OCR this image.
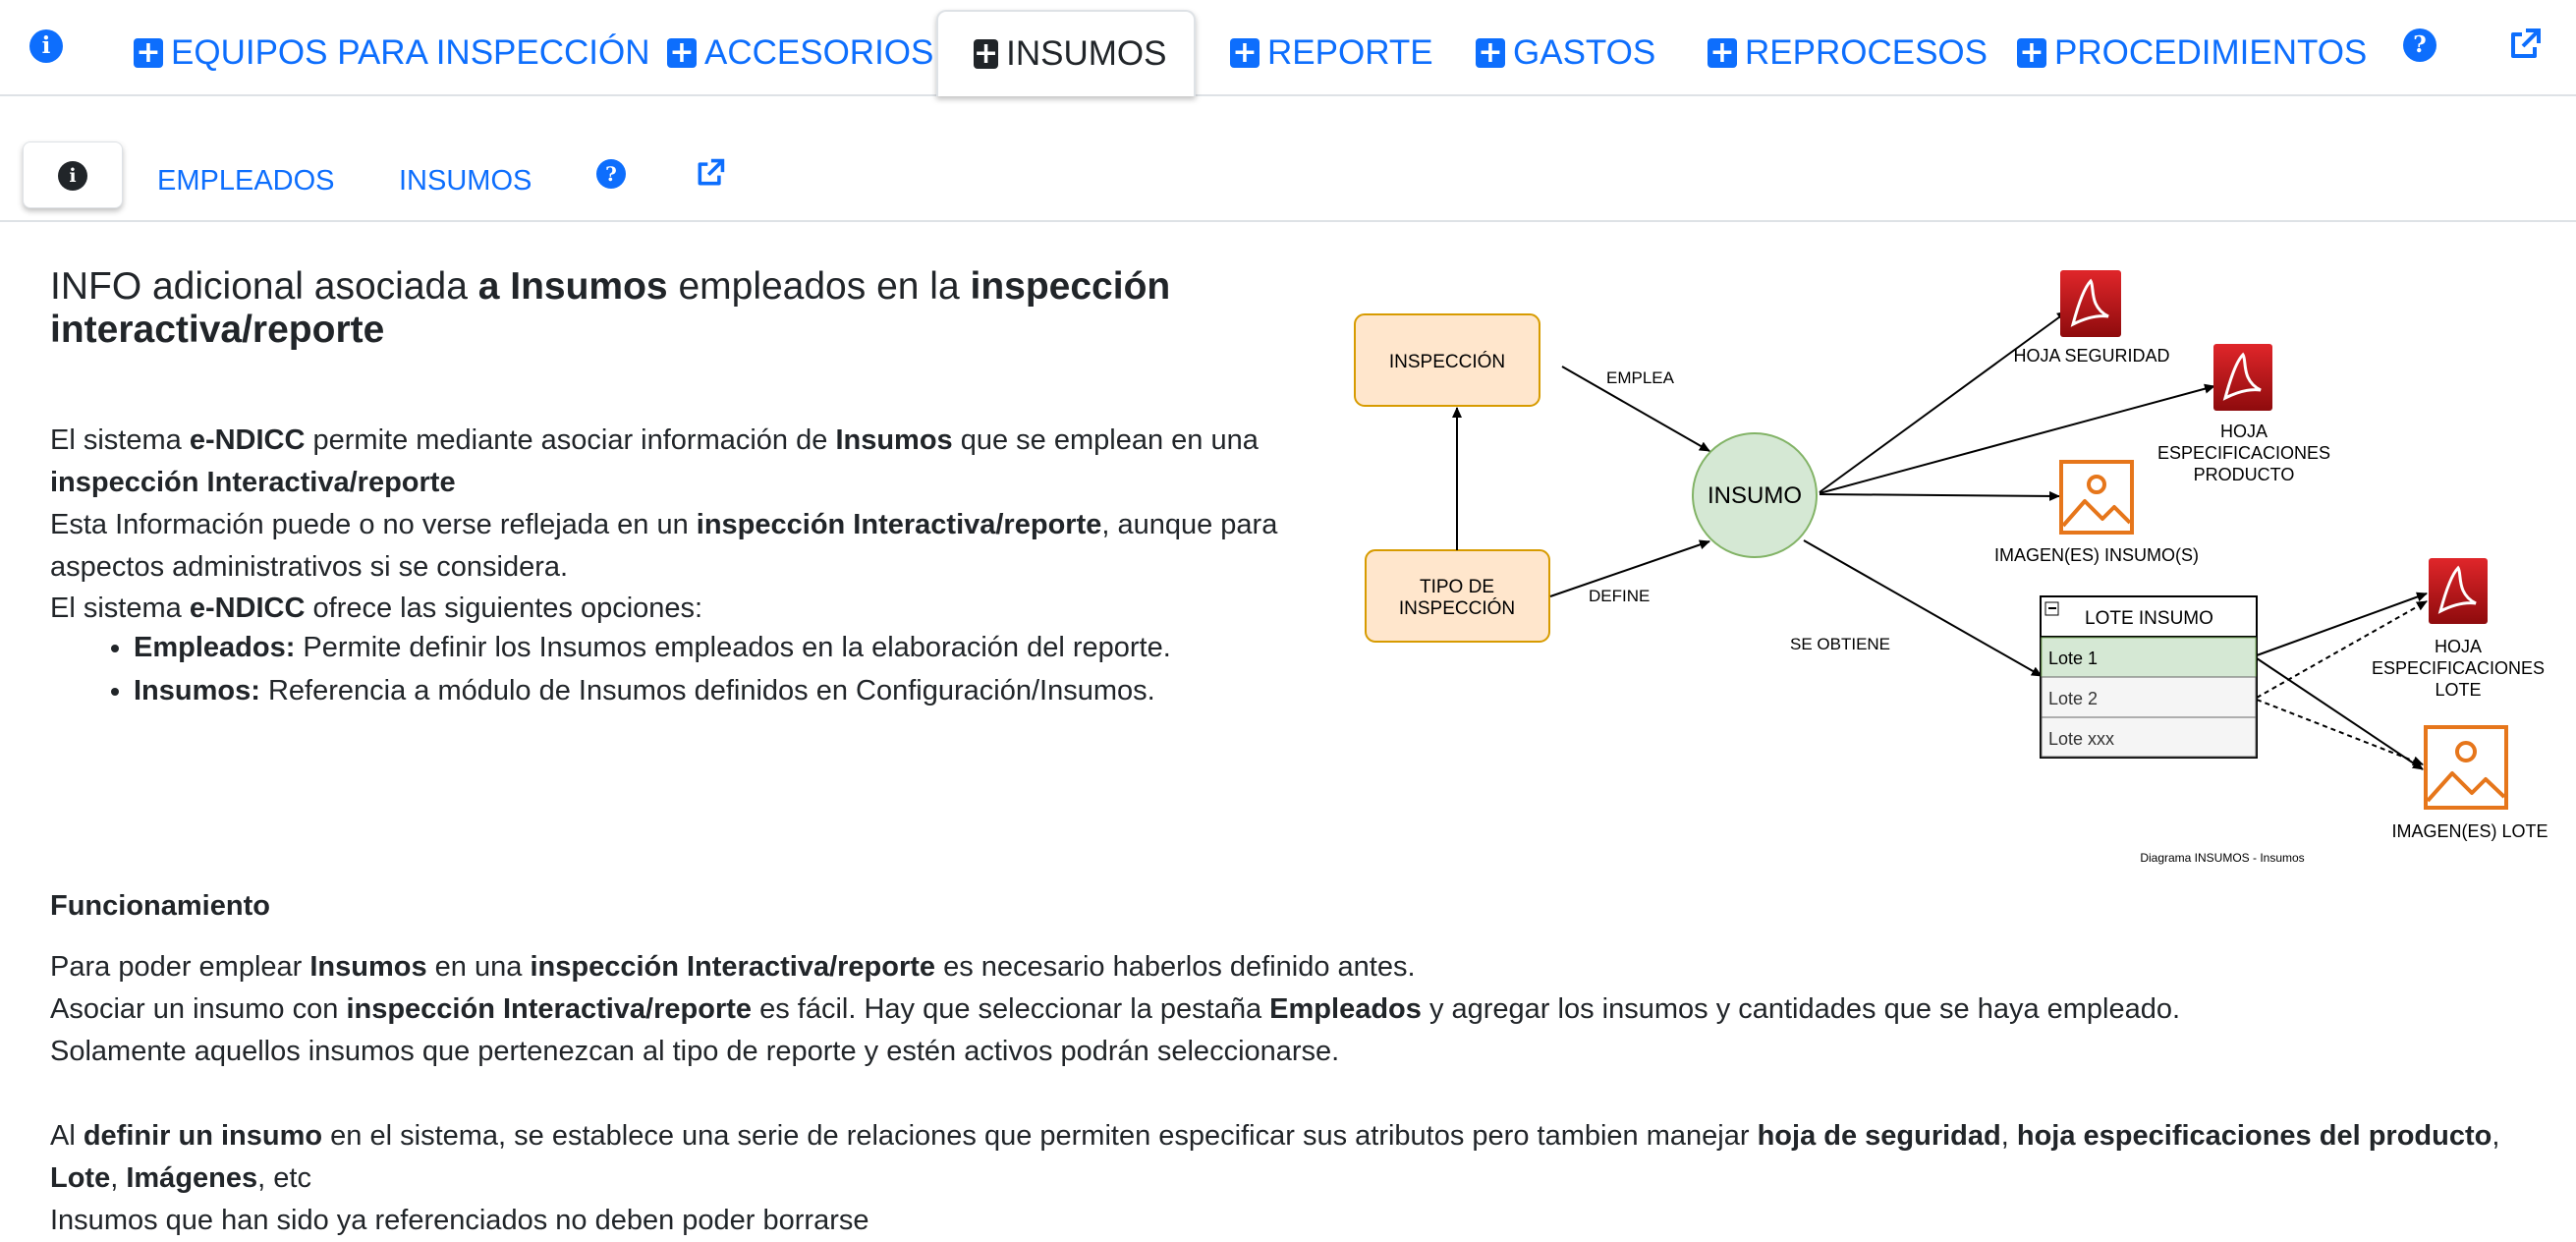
i	+ EQUIPOS PARA INSPECCIÓN + ACCESORIOS + INSUMOS + REPORTE + GASTOS + REPROCESOS + PROCEDIMIENTOS	?
i	EMPLEADOS INSUMOS	?
INFO adicional asociada a Insumos empleados en la inspección interactiva/reporte

El sistema e-NDICC permite mediante asociar información de Insumos que se emplean en una inspección Interactiva/reporte

Esta Información puede o no verse reflejada en un inspección Interactiva/reporte, aunque para aspectos administrativos si se considera.

El sistema e-NDICC ofrece las siguientes opciones:

• Empleados: Permite definir los Insumos empleados en la elaboración del reporte.
• Insumos: Referencia a módulo de Insumos definidos en Configuración/Insumos.
Funcionamiento

Para poder emplear Insumos en una inspección Interactiva/reporte es necesario haberlos definido antes.

Asociar un insumo con inspección Interactiva/reporte es fácil. Hay que seleccionar la pestaña Empleados y agregar los insumos y cantidades que se haya empleado.

Solamente aquellos insumos que pertenezcan al tipo de reporte y estén activos podrán seleccionarse.

Al definir un insumo en el sistema, se establece una serie de relaciones que permiten especificar sus atributos pero tambien manejar hoja de seguridad, hoja especificaciones del producto, Lote, Imágenes, etc

Insumos que han sido ya referenciados no deben poder borrarse

INSPECCIÓN
TIPO DE
INSPECCIÓN
INSUMO
EMPLEA
DEFINE
SE OBTIENE
HOJA SEGURIDAD
HOJA
ESPECIFICACIONES
PRODUCTO
IMAGEN(ES) INSUMO(S)
LOTE INSUMO
Lote 1
Lote 2
Lote xxx
HOJA
ESPECIFICACIONES
LOTE
IMAGEN(ES) LOTE
Diagrama INSUMOS - Insumos
